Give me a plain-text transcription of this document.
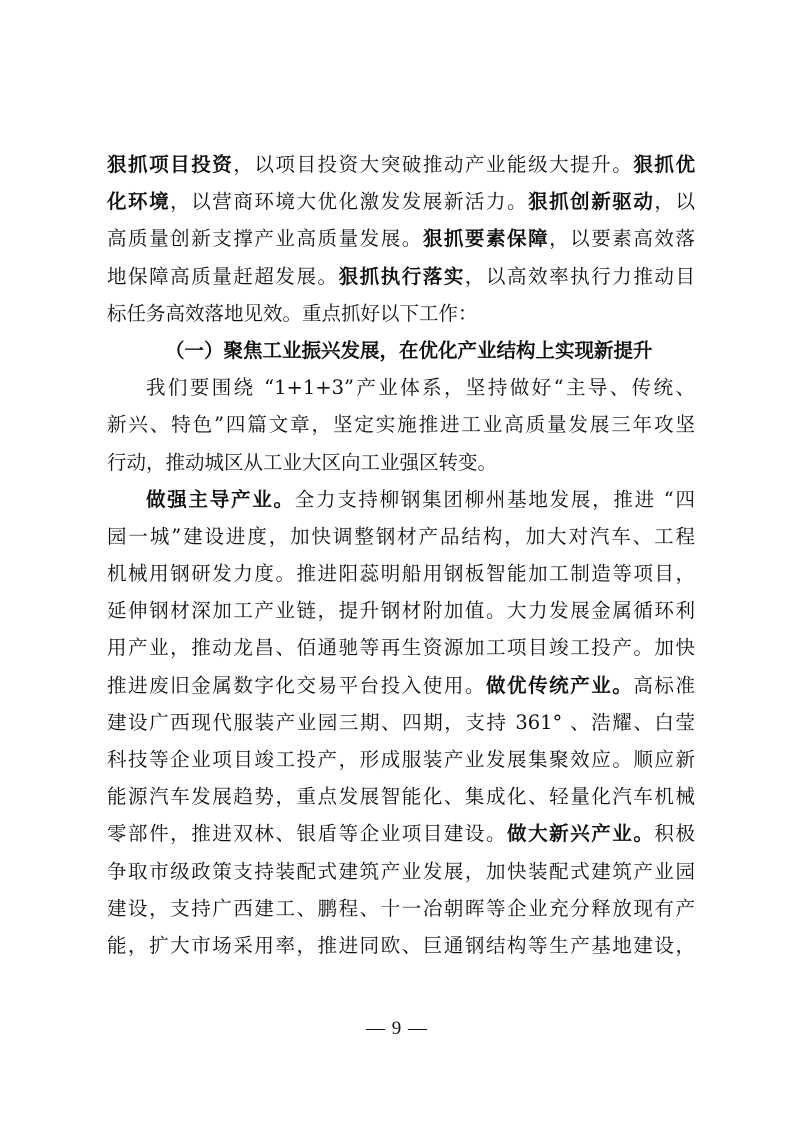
狠抓项目投资，以项目投资大突破推动产业能级大提升。狠抓优
化环境，以营商环境大优化激发发展新活力。狠抓创新驱动，以
高质量创新支撑产业高质量发展。狠抓要素保障，以要素高效落
地保障高质量赶超发展。狠抓执行落实，以高效率执行力推动目
标任务高效落地见效。重点抓好以下工作：
（一）聚焦工业振兴发展，在优化产业结构上实现新提升
我们要围绕 “1+1+3”产业体系，坚持做好“主导、传统、
新兴、特色”四篇文章，坚定实施推进工业高质量发展三年攻坚
行动，推动城区从工业大区向工业强区转变。
做强主导产业。全力支持柳钢集团柳州基地发展，推进 “四
园一城”建设进度，加快调整钢材产品结构，加大对汽车、工程
机械用钢研发力度。推进阳蕊明船用钢板智能加工制造等项目，
延伸钢材深加工产业链，提升钢材附加值。大力发展金属循环利
用产业，推动龙昌、佰通驰等再生资源加工项目竣工投产。加快
推进废旧金属数字化交易平台投入使用。做优传统产业。高标准
建设广西现代服装产业园三期、四期，支持 361° 、浩耀、白莹
科技等企业项目竣工投产，形成服装产业发展集聚效应。顺应新
能源汽车发展趋势，重点发展智能化、集成化、轻量化汽车机械
零部件，推进双林、银盾等企业项目建设。做大新兴产业。积极
争取市级政策支持装配式建筑产业发展，加快装配式建筑产业园
建设，支持广西建工、鹏程、十一冶朝晖等企业充分释放现有产
能，扩大市场采用率，推进同欧、巨通钢结构等生产基地建设，
— 9 —
